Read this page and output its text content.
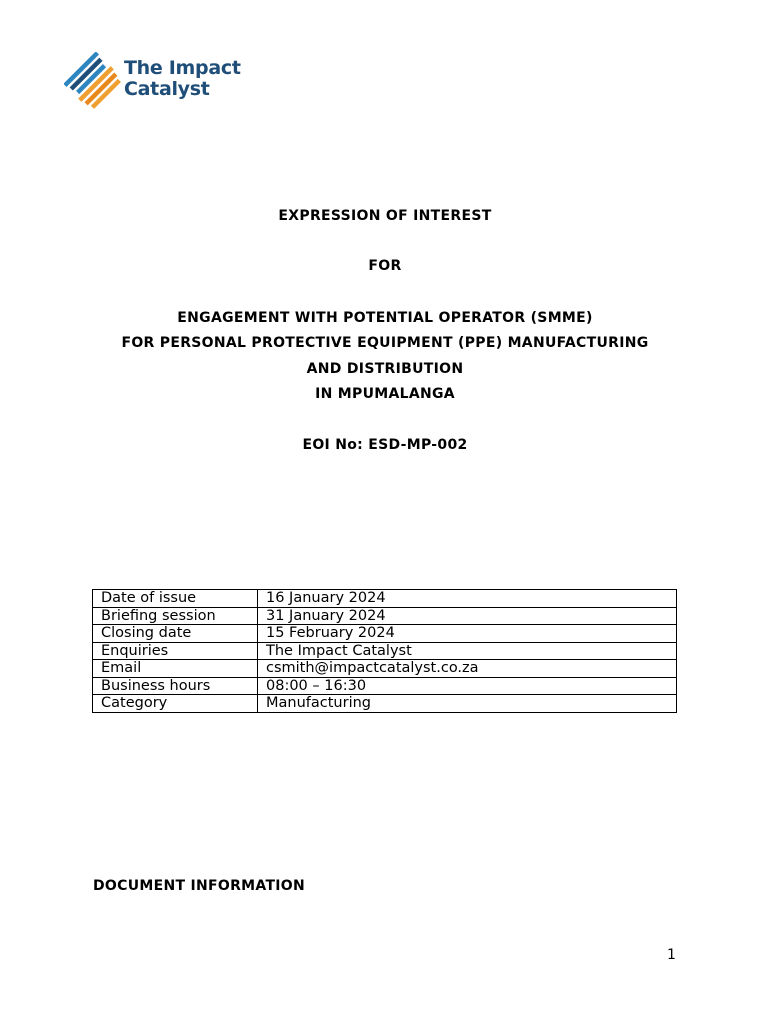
The Impact
Catalyst
EXPRESSION OF INTEREST
FOR
ENGAGEMENT WITH POTENTIAL OPERATOR (SMME)
FOR PERSONAL PROTECTIVE EQUIPMENT (PPE) MANUFACTURING
AND DISTRIBUTION
IN MPUMALANGA
EOI No: ESD-MP-002
Date of issue	16 January 2024
Briefing session	31 January 2024
Closing date	15 February 2024
Enquiries	The Impact Catalyst
Email	csmith@impactcatalyst.co.za
Business hours	08:00 – 16:30
Category	Manufacturing
DOCUMENT INFORMATION
1
